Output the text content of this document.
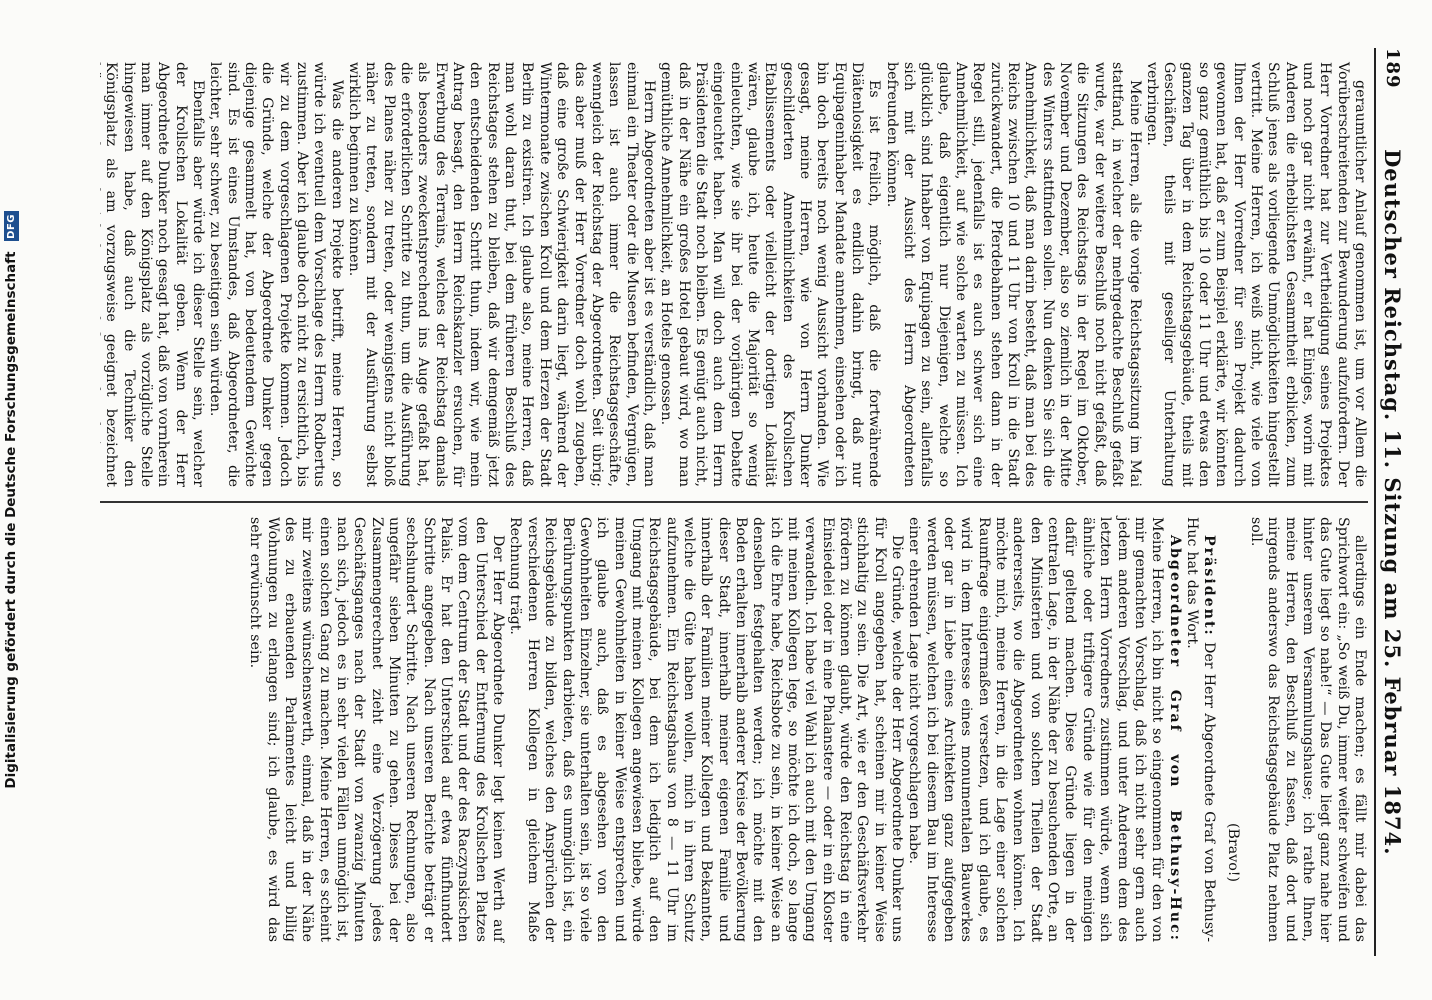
189
Deutscher Reichstag. 11. Sitzung am 25. Februar 1874.

geraumtlicher Anlauf genommen ist, um vor Allem die Vorüberschreitenden zur Bewunderung aufzufordern. Der Herr Vorredner hat zur Vertheidigung seines Projektes und noch gar nicht erwähnt, er hat Einiges, worin mit Anderen die erheblichsten Gesammtheit erblicken, zum Schluß jenes als vorliegende Unmöglichkeiten hingestellt vertritt. Meine Herren, ich weiß nicht, wie viele von Ihnen der Herr Vorredner für sein Projekt dadurch gewonnen hat, daß er zum Beispiel erklärte, wir könnten so ganz gemüthlich bis 10 oder 11 Uhr und etwas den ganzen Tag über in dem Reichstagsgebäude, theils mit Geschäften, theils mit geselliger Unterhaltung verbringen.

Meine Herren, als die vorige Reichstagssitzung im Mai stattfand, in welcher der mehrgedachte Beschluß gefaßt wurde, war der weitere Beschluß noch nicht gefaßt, daß die Sitzungen des Reichstags in der Regel im Oktober, November und Dezember, also so ziemlich in der Mitte des Winters stattfinden sollen. Nun denken Sie sich die Annehmlichkeit, daß man darin besteht, daß man bei des Reichs zwischen 10 und 11 Uhr von Kroll in die Stadt zurückwandert, die Pferdebahnen stehen dann in der Regel still, jedenfalls ist es auch schwer sich eine Annehmlichkeit, auf wie solche warten zu müssen. Ich glaube, daß eigentlich nur Diejenigen, welche so glücklich sind Inhaber von Equipagen zu sein, allenfalls sich mit der Aussicht des Herrn Abgeordneten befreunden können.

Es ist freilich, möglich, daß die fortwährende Diätenlosigkeit es endlich dahin bringt, daß nur Equipageninhaber Mandate annehmen, einsehen oder ich bin doch bereits noch wenig Aussicht vorhanden. Wie gesagt, meine Herren, wie von Herrn Dunker geschilderten Annehmlichkeiten des Krollschen Etablissements oder vielleicht der dortigen Lokalität wären, glaube ich, heute die Majorität so wenig einleuchten, wie sie ihr bei der vorjährigen Debatte eingeleuchtet haben. Man will doch auch dem Herrn Präsidenten die Stadt noch bleiben. Es genügt auch nicht, daß in der Nähe ein großes Hotel gebaut wird, wo man gemüthliche Annehmlichkeit, an Hotels genossen.

Herrn Abgeordneten aber ist es verständlich, daß man einmal ein Theater oder die Museen befinden, Vergnügen, lassen ist auch immer die Reichstagsgeschäfte, wenngleich der Reichstag der Abgeordneten. Seit übrig; das aber muß der Herr Vorredner doch wohl zugeben, daß eine große Schwierigkeit darin liegt, während der Wintermonate zwischen Kroll und dem Herzen der Stadt Berlin zu existiren. Ich glaube also, meine Herren, daß man wohl daran thut, bei dem früheren Beschluß des Reichstages stehen zu bleiben, daß wir demgemäß jetzt den entscheidenden Schritt thun, indem wir, wie mein Antrag besagt, den Herrn Reichskanzler ersuchen, für Erwerbung des Terrains, welches der Reichstag damals als besonders zweckentsprechend ins Auge gefaßt hat, die erforderlichen Schritte zu thun, um die Ausführung des Planes näher zu treten, oder wenigstens nicht bloß näher zu treten, sondern mit der Ausführung selbst wirklich beginnen zu können.

Was die anderen Projekte betrifft, meine Herren, so würde ich eventuell dem Vorschlage des Herrn Rodbertus zustimmen. Aber ich glaube doch nicht zu ersichtlich, bis wir zu dem vorgeschlagenen Projekte kommen. Jedoch die Gründe, welche der Abgeordnete Dunker gegen diejenige gesammelt hat, von bedeutendem Gewichte sind. Es ist eines Umstandes, daß Abgeordneter, die leichter, sehr schwer, zu beseitigen sein würden.

Ebenfalls aber würde ich dieser Stelle sein, welcher der Krollschen Lokalität geben. Wenn der Herr Abgeordnete Dunker noch gesagt hat, daß von vornherein man immer auf den Königsplatz als vorzügliche Stelle hingewiesen habe, daß auch die Techniker den Königsplatz als am vorzugsweise geeignet bezeichnet

allerdings ein Ende machen; es fällt mir dabei das Sprichwort ein: „So weiß Du, immer weiter schweifen und das Gute liegt so nahe!“ — Das Gute liegt ganz nahe hier hinter unserem Versammlungshause; ich rathe Ihnen, meine Herren, den Beschluß zu fassen, daß dort und nirgends anderswo das Reichstagsgebäude Platz nehmen soll.

(Bravo!)

Präsident: Der Herr Abgeordnete Graf von Bethusy-Huc hat das Wort.

Abgeordneter Graf von Bethusy-Huc: Meine Herren, ich bin nicht so eingenommen für den von mir gemachten Vorschlag, daß ich nicht sehr gern auch jedem anderen Vorschlag, und unter Anderem dem des letzten Herrn Vorredners zustimmen würde, wenn sich ähnliche oder triftigere Gründe wie für den meinigen dafür geltend machen. Diese Gründe liegen in der centralen Lage, in der Nähe der zu besuchenden Orte, an den Ministerien und von solchen Theilen der Stadt andererseits, wo die Abgeordneten wohnen können. Ich möchte mich, meine Herren, in die Lage einer solchen Raumfrage einigermaßen versetzen, und ich glaube, es wird in dem Interesse eines monumentalen Bauwerkes oder gar in Liebe eines Architekten ganz aufgegeben werden müssen, welchen ich bei diesem Bau im Interesse einer ehrenden Lage nicht vorgeschlagen habe.

Die Gründe, welche der Herr Abgeordnete Dunker uns für Kroll angegeben hat, scheinen mir in keiner Weise stichhaltig zu sein. Die Art, wie er den Geschäftsverkehr fördern zu können glaubt, würde den Reichstag in eine Einsiedelei oder in eine Phalanstere — oder in ein Kloster verwandeln. Ich habe viel Wahl ich auch mit den Umgang mit meinen Kollegen lege, so möchte ich doch, so lange ich die Ehre habe, Reichsbote zu sein, in keiner Weise an denselben festgehalten werden; ich möchte mit den Boden erhalten innerhalb anderer Kreise der Bevölkerung dieser Stadt, innerhalb meiner eigenen Familie und innerhalb der Familien meiner Kollegen und Bekannten, welche die Güte haben wollen, mich in ihren Schutz aufzunehmen. Ein Reichstagshaus von 8 — 11 Uhr im Reichstagsgebäude, bei dem ich lediglich auf den Umgang mit meinen Kollegen angewiesen bliebe, würde meinen Gewohnheiten in keiner Weise entsprechen und ich glaube auch, daß es abgesehen von den Gewohnheiten Einzelner, sie unterhalten sein, ist so viele Berührungspunkten darbieten, daß es unmöglich ist, ein Reichsgebäude zu bilden, welches den Ansprüchen der verschiedenen Herren Kollegen in gleichem Maße Rechnung trägt.

Der Herr Abgeordnete Dunker legt keinen Werth auf den Unterschied der Entfernung des Krollschen Platzes vom dem Centrum der Stadt und der des Raczynskischen Palais. Er hat den Unterschied auf etwa fünfhundert Schritte angegeben. Nach unseren Berichte beträgt er sechshundert Schritte. Nach unseren Rechnungen, also ungefähr sieben Minuten zu gehen. Dieses bei der Zusammengerechnet zieht eine Verzögerung jedes Geschäftsganges nach der Stadt von zwanzig Minuten nach sich, jedoch es in sehr vielen Fällen unmöglich ist, einen solchen Gang zu machen. Meine Herren, es scheint mir zweitens wünschenswerth, einmal, daß in der Nähe des zu erbauenden Parlamentes leicht und billig Wohnungen zu erlangen sind; ich glaube, es wird das sehr erwünscht sein.

Digitalisierung gefördert durch die Deutsche Forschungsgemeinschaft
DFG
